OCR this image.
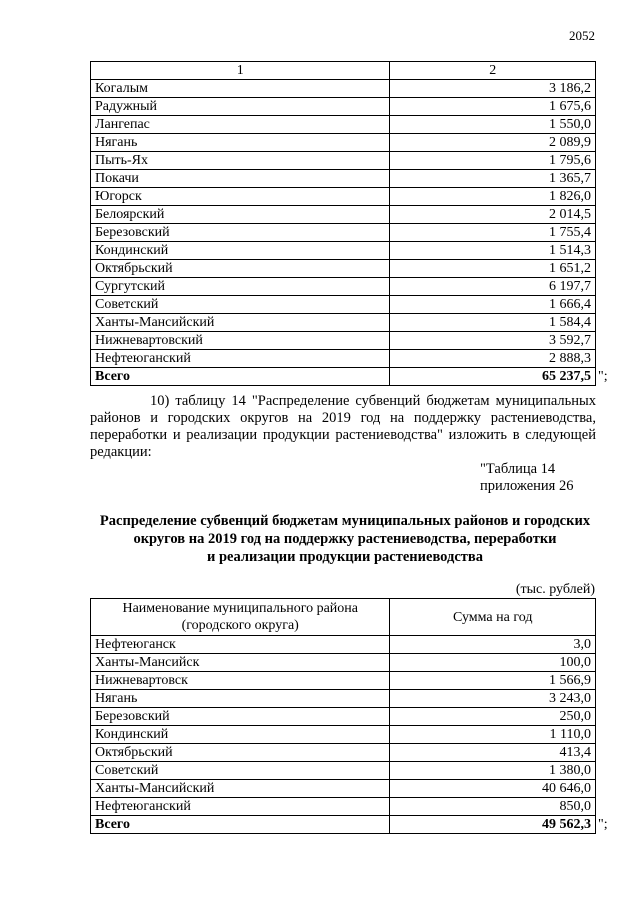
2052
1	2
Когалым	3 186,2
Радужный	1 675,6
Лангепас	1 550,0
Нягань	2 089,9
Пыть-Ях	1 795,6
Покачи	1 365,7
Югорск	1 826,0
Белоярский	2 014,5
Березовский	1 755,4
Кондинский	1 514,3
Октябрьский	1 651,2
Сургутский	6 197,7
Советский	1 666,4
Ханты-Мансийский	1 584,4
Нижневартовский	3 592,7
Нефтеюганский	2 888,3
Всего	65 237,5 ";
10) таблицу 14 "Распределение субвенций бюджетам муниципальных районов и городских округов на 2019 год на поддержку растениеводства, переработки и реализации продукции растениеводства" изложить в следующей редакции:
"Таблица 14
приложения 26
Распределение субвенций бюджетам муниципальных районов и городских
округов на 2019 год на поддержку растениеводства, переработки
и реализации продукции растениеводства
(тыс. рублей)
Наименование муниципального района (городского округа)	Сумма на год
Нефтеюганск	3,0
Ханты-Мансийск	100,0
Нижневартовск	1 566,9
Нягань	3 243,0
Березовский	250,0
Кондинский	1 110,0
Октябрьский	413,4
Советский	1 380,0
Ханты-Мансийский	40 646,0
Нефтеюганский	850,0
Всего	49 562,3 ";
